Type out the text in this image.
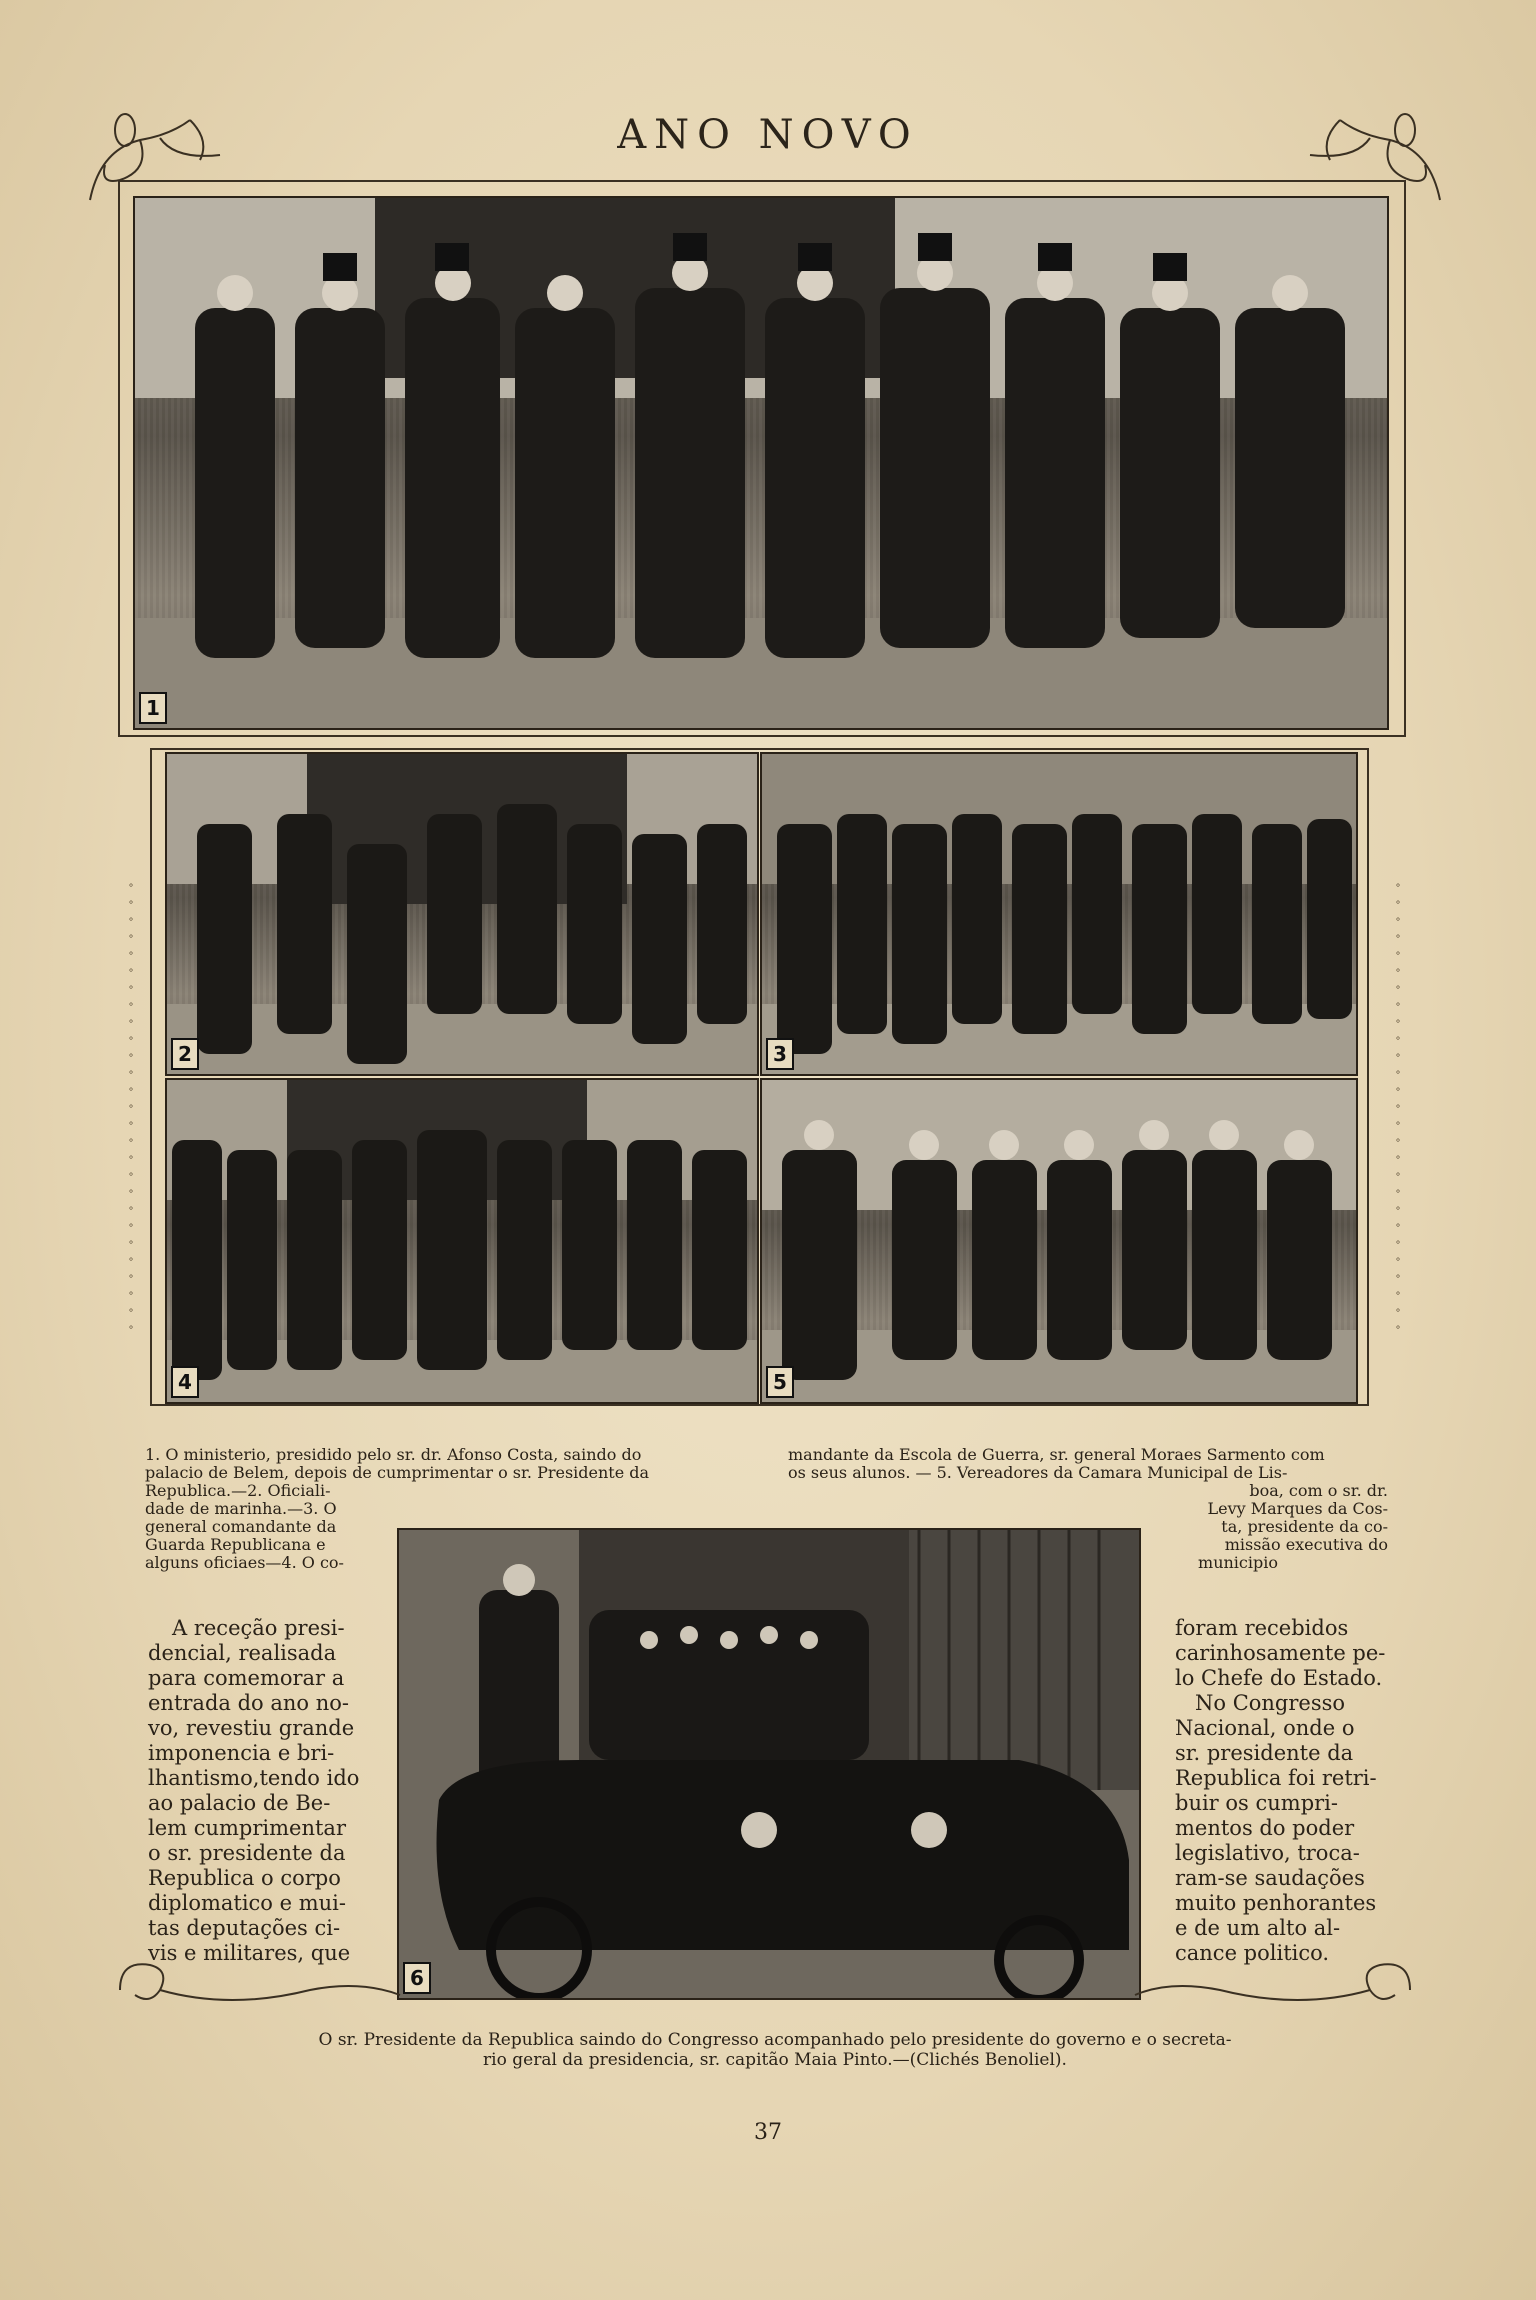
ANO NOVO
1
° ° ° ° ° ° ° ° ° ° ° ° ° ° ° ° ° ° ° ° ° ° ° ° ° ° °
° ° ° ° ° ° ° ° ° ° ° ° ° ° ° ° ° ° ° ° ° ° ° ° ° ° °
2	3
4	5
1. O ministerio, presidido pelo sr. dr. Afonso Costa, saindo do
palacio de Belem, depois de cumprimentar o sr. Presidente da
Republica.—2. Oficiali-
dade de marinha.—3. O
general comandante da
Guarda Republicana e
alguns oficiaes—4. O co-
mandante da Escola de Guerra, sr. general Moraes Sarmento com
os seus alunos. — 5. Vereadores da Camara Municipal de Lis-
boa, com o sr. dr.
Levy Marques da Cos-
ta, presidente da co-
missão executiva do
municipio
6
A receção presi-
dencial, realisada
para comemorar a
entrada do ano no-
vo, revestiu grande
imponencia e bri-
lhantismo,tendo ido
ao palacio de Be-
lem cumprimentar
o sr. presidente da
Republica o corpo
diplomatico e mui-
tas deputações ci-
vis e militares, que
foram recebidos
carinhosamente pe-
lo Chefe do Estado.
No Congresso
Nacional, onde o
sr. presidente da
Republica foi retri-
buir os cumpri-
mentos do poder
legislativo, troca-
ram-se saudações
muito penhorantes
e de um alto al-
cance politico.
O sr. Presidente da Republica saindo do Congresso acompanhado pelo presidente do governo e o secreta-
rio geral da presidencia, sr. capitão Maia Pinto.—(Clichés Benoliel).
37
